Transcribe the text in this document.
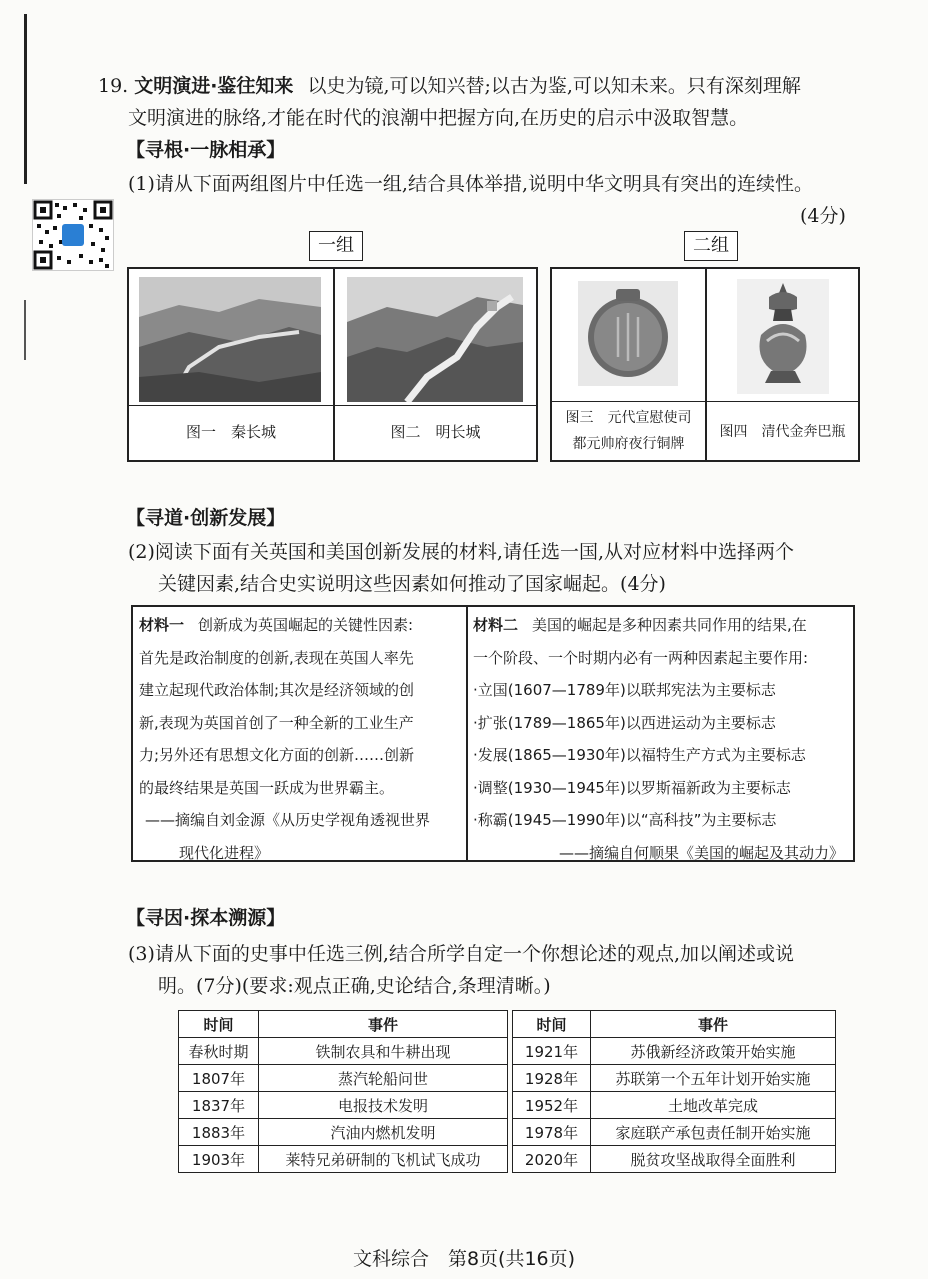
19. 文明演进·鉴往知来 以史为镜,可以知兴替;以古为鉴,可以知未来。只有深刻理解
文明演进的脉络,才能在时代的浪潮中把握方向,在历史的启示中汲取智慧。
【寻根·一脉相承】
(1)请从下面两组图片中任选一组,结合具体举措,说明中华文明具有突出的连续性。
(4分)
一组	二组
图一　秦长城	图二　明长城
图三　元代宣慰使司
都元帅府夜行铜牌
图四　清代金奔巴瓶
【寻道·创新发展】
(2)阅读下面有关英国和美国创新发展的材料,请任选一国,从对应材料中选择两个
关键因素,结合史实说明这些因素如何推动了国家崛起。(4分)
材料一 创新成为英国崛起的关键性因素:
首先是政治制度的创新,表现在英国人率先
建立起现代政治体制;其次是经济领域的创
新,表现为英国首创了一种全新的工业生产
力;另外还有思想文化方面的创新……创新
的最终结果是英国一跃成为世界霸主。
——摘编自刘金源《从历史学视角透视世界
现代化进程》
材料二 美国的崛起是多种因素共同作用的结果,在
一个阶段、一个时期内必有一两种因素起主要作用:
·立国(1607—1789年)以联邦宪法为主要标志
·扩张(1789—1865年)以西进运动为主要标志
·发展(1865—1930年)以福特生产方式为主要标志
·调整(1930—1945年)以罗斯福新政为主要标志
·称霸(1945—1990年)以“高科技”为主要标志
——摘编自何顺果《美国的崛起及其动力》
【寻因·探本溯源】
(3)请从下面的史事中任选三例,结合所学自定一个你想论述的观点,加以阐述或说
明。(7分)(要求:观点正确,史论结合,条理清晰。)
时间	事件
春秋时期	铁制农具和牛耕出现
1807年	蒸汽轮船问世
1837年	电报技术发明
1883年	汽油内燃机发明
1903年	莱特兄弟研制的飞机试飞成功
时间	事件
1921年	苏俄新经济政策开始实施
1928年	苏联第一个五年计划开始实施
1952年	土地改革完成
1978年	家庭联产承包责任制开始实施
2020年	脱贫攻坚战取得全面胜利
文科综合　第8页(共16页)
